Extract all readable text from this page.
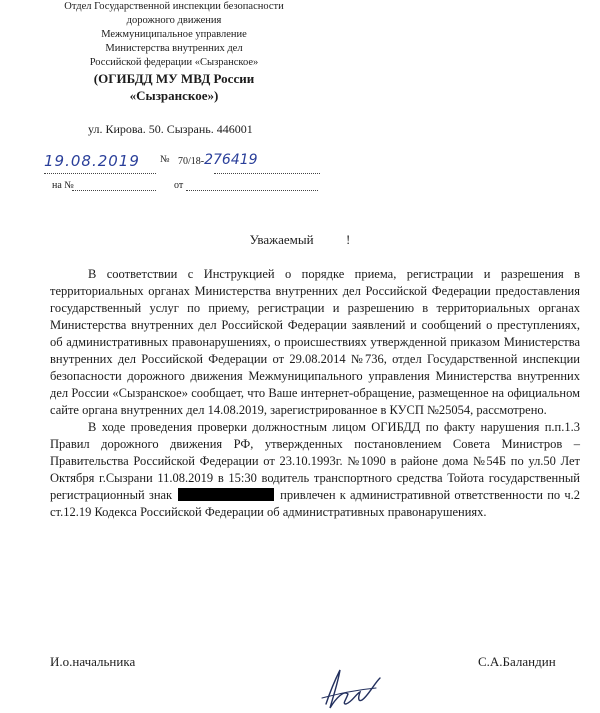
Отдел Государственной инспекции безопасности
дорожного движения
Межмуниципальное управление
Министерства внутренних дел
Российской федерации «Сызранское»
(ОГИБДД МУ МВД России
«Сызранское»)
ул. Кирова. 50. Сызрань. 446001
19.08.2019	№ 70/18-276419
на №	от
Уважаемый          !

В соответствии с Инструкцией о порядке приема, регистрации и разрешения в территориальных органах Министерства внутренних дел Российской Федерации предоставления государственный услуг по приему, регистрации и разрешению в территориальных органах Министерства внутренних дел Российской Федерации заявлений и сообщений о преступлениях, об административных правонарушениях, о происшествиях утвержденной приказом Министерства внутренних дел Российской Федерации от 29.08.2014 №736, отдел Государственной инспекции безопасности дорожного движения Межмуниципального управления Министерства внутренних дел России «Сызранское» сообщает, что Ваше интернет-обращение, размещенное на официальном сайте органа внутренних дел 14.08.2019, зарегистрированное в КУСП №25054, рассмотрено.

В ходе проведения проверки должностным лицом ОГИБДД по факту нарушения п.п.1.3 Правил дорожного движения РФ, утвержденных постановлением Совета Министров – Правительства Российской Федерации от 23.10.1993г. №1090 в районе дома №54Б по ул.50 Лет Октября г.Сызрани 11.08.2019 в 15:30 водитель транспортного средства Тойота государственный регистрационный знак	привлечен к административной ответственности по ч.2 ст.12.19 Кодекса Российской Федерации об административных правонарушениях.

И.о.начальника	С.А.Баландин
